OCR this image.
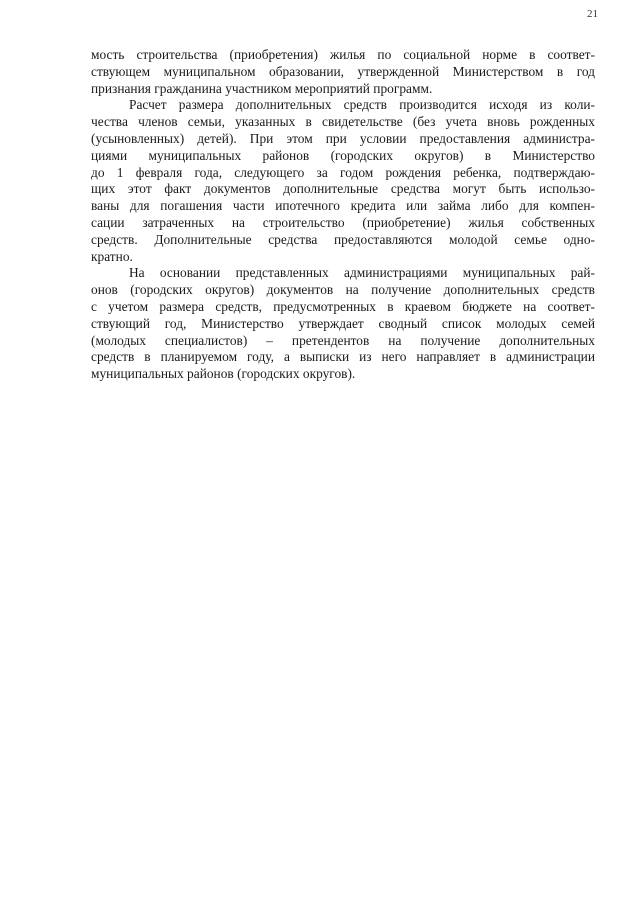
21
мость строительства (приобретения) жилья по социальной норме в соответ-
ствующем муниципальном образовании, утвержденной Министерством в год
признания гражданина участником мероприятий программ.
Расчет размера дополнительных средств производится исходя из коли-
чества членов семьи, указанных в свидетельстве (без учета вновь рожденных
(усыновленных) детей). При этом при условии предоставления администра-
циями муниципальных районов (городских округов) в Министерство
до 1 февраля года, следующего за годом рождения ребенка, подтверждаю-
щих этот факт документов дополнительные средства могут быть использо-
ваны для погашения части ипотечного кредита или займа либо для компен-
сации затраченных на строительство (приобретение) жилья собственных
средств. Дополнительные средства предоставляются молодой семье одно-
кратно.
На основании представленных администрациями муниципальных рай-
онов (городских округов) документов на получение дополнительных средств
с учетом размера средств, предусмотренных в краевом бюджете на соответ-
ствующий год, Министерство утверждает сводный список молодых семей
(молодых специалистов) – претендентов на получение дополнительных
средств в планируемом году, а выписки из него направляет в администрации
муниципальных районов (городских округов).
